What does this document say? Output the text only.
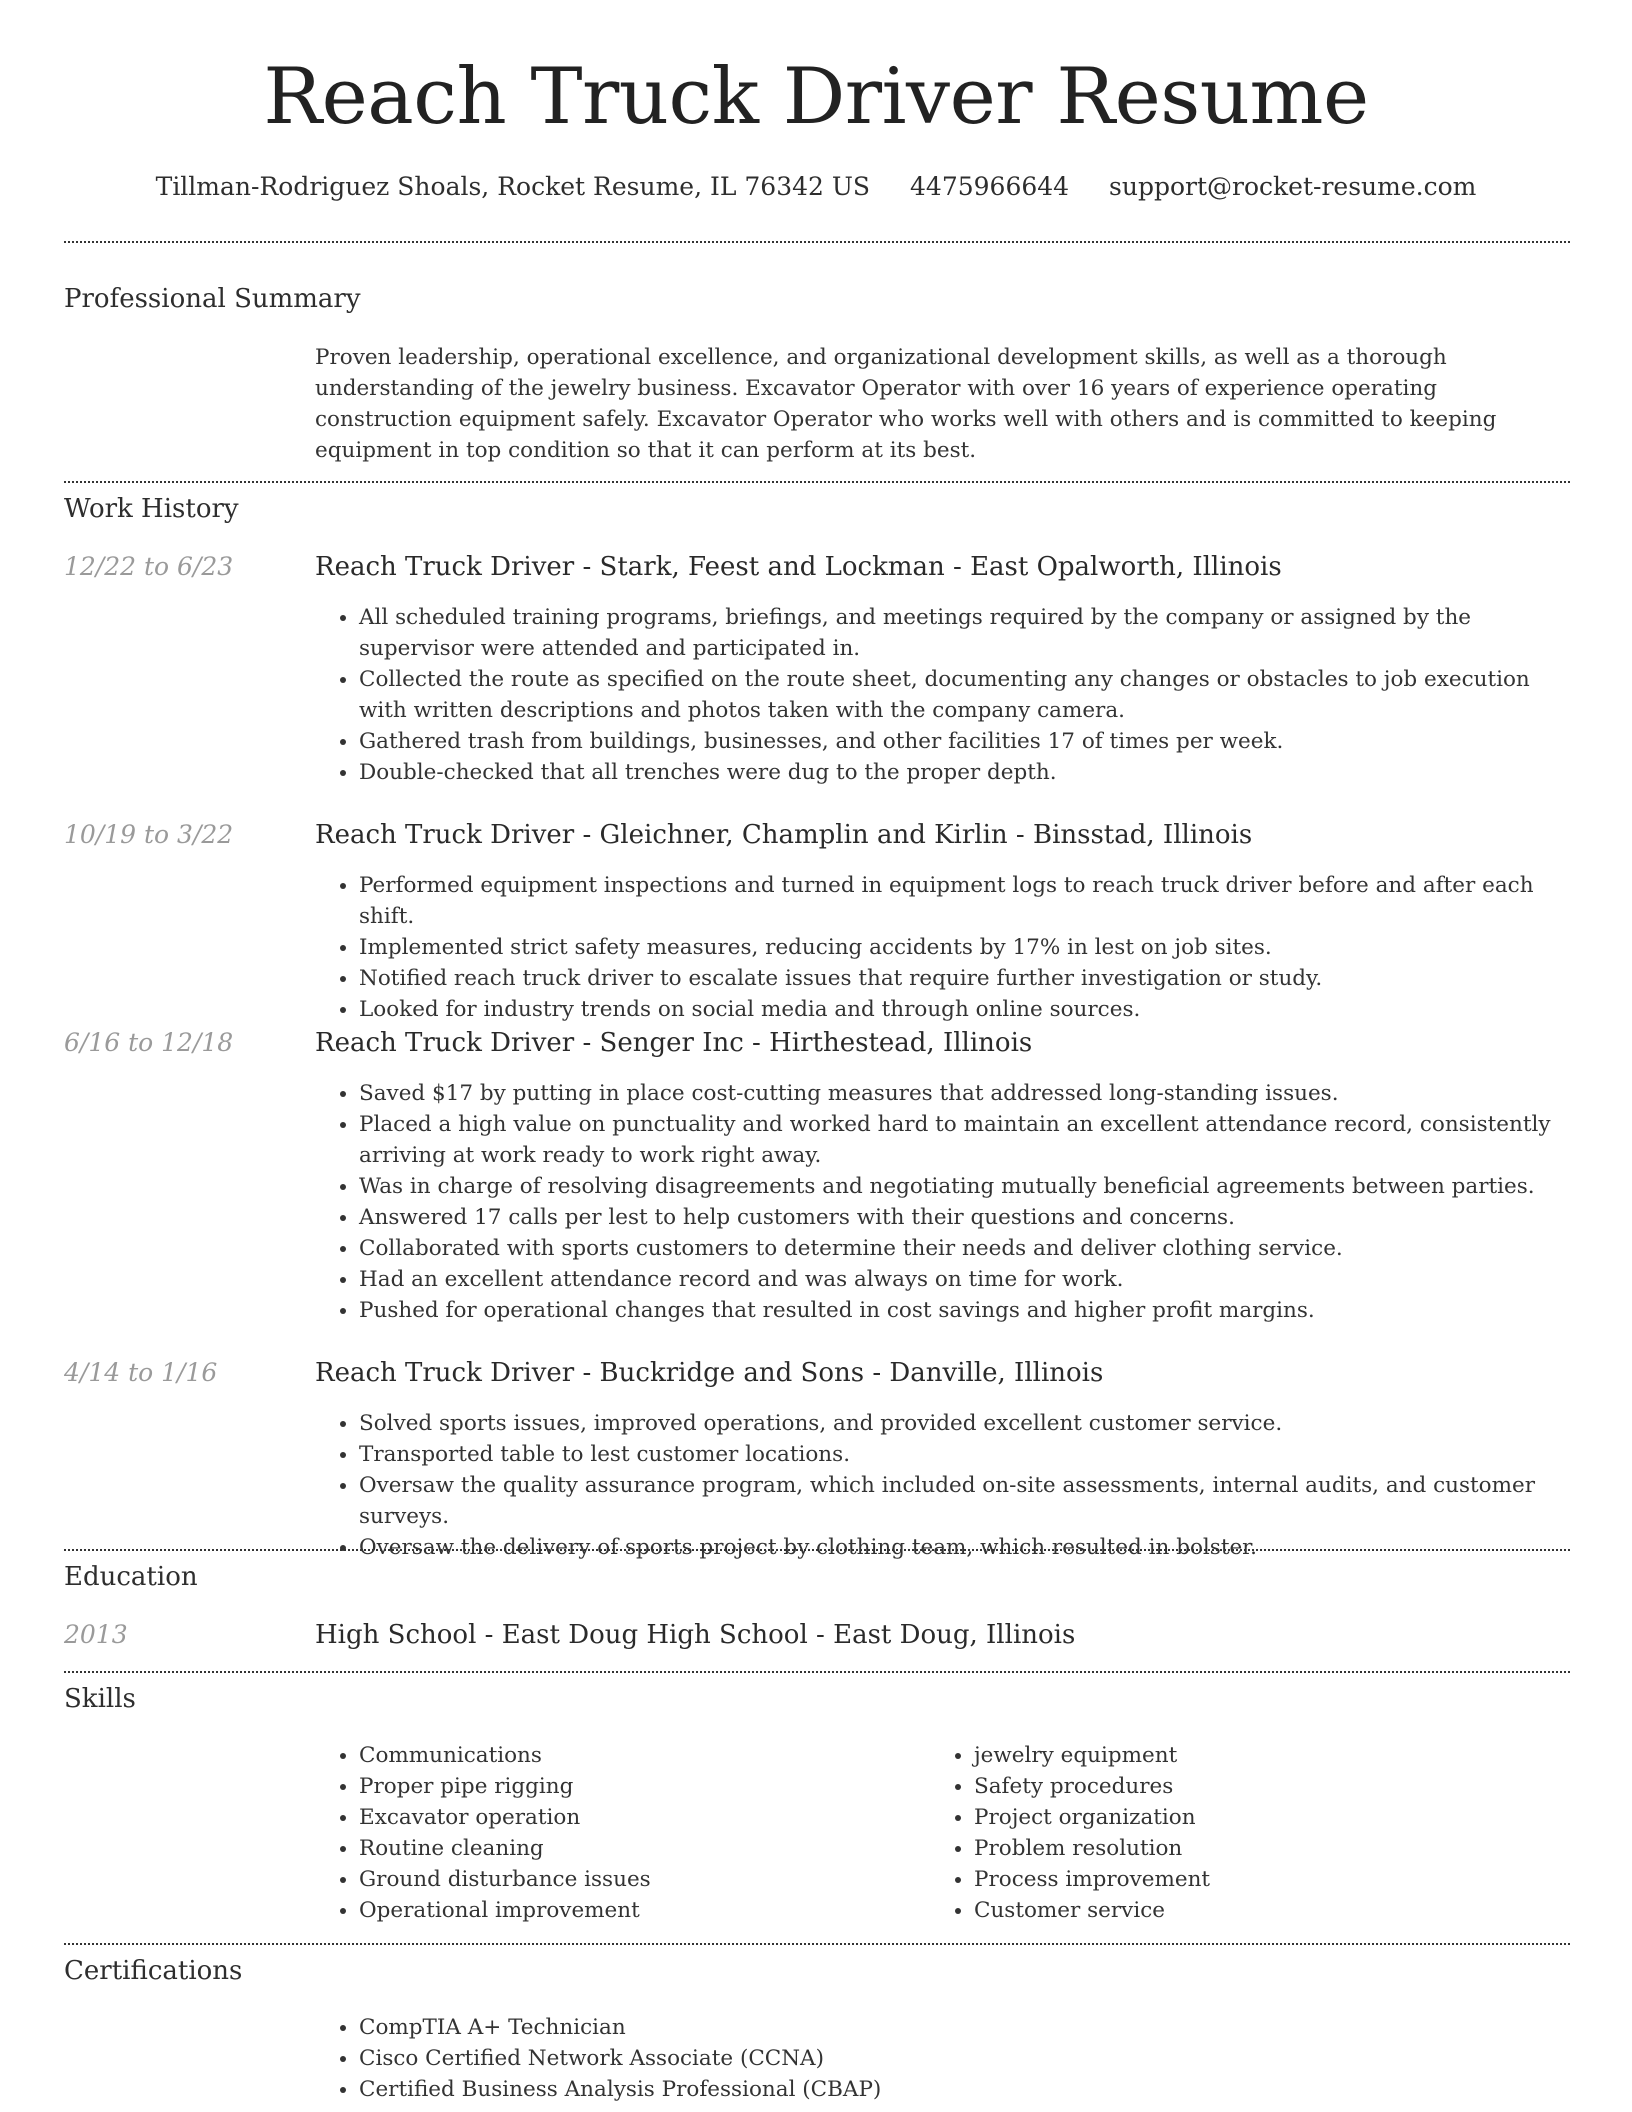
Reach Truck Driver Resume
Tillman-Rodriguez Shoals, Rocket Resume, IL 76342 US 4475966644 support@rocket-resume.com
Professional Summary
Proven leadership, operational excellence, and organizational development skills, as well as a thorough understanding of the jewelry business. Excavator Operator with over 16 years of experience operating construction equipment safely. Excavator Operator who works well with others and is committed to keeping equipment in top condition so that it can perform at its best.
Work History
12/22 to 6/23	Reach Truck Driver - Stark, Feest and Lockman - East Opalworth, Illinois
• All scheduled training programs, briefings, and meetings required by the company or assigned by the supervisor were attended and participated in.
• Collected the route as specified on the route sheet, documenting any changes or obstacles to job execution with written descriptions and photos taken with the company camera.
• Gathered trash from buildings, businesses, and other facilities 17 of times per week.
• Double-checked that all trenches were dug to the proper depth.
10/19 to 3/22	Reach Truck Driver - Gleichner, Champlin and Kirlin - Binsstad, Illinois
• Performed equipment inspections and turned in equipment logs to reach truck driver before and after each shift.
• Implemented strict safety measures, reducing accidents by 17% in lest on job sites.
• Notified reach truck driver to escalate issues that require further investigation or study.
• Looked for industry trends on social media and through online sources.
6/16 to 12/18	Reach Truck Driver - Senger Inc - Hirthestead, Illinois
• Saved $17 by putting in place cost-cutting measures that addressed long-standing issues.
• Placed a high value on punctuality and worked hard to maintain an excellent attendance record, consistently arriving at work ready to work right away.
• Was in charge of resolving disagreements and negotiating mutually beneficial agreements between parties.
• Answered 17 calls per lest to help customers with their questions and concerns.
• Collaborated with sports customers to determine their needs and deliver clothing service.
• Had an excellent attendance record and was always on time for work.
• Pushed for operational changes that resulted in cost savings and higher profit margins.
4/14 to 1/16	Reach Truck Driver - Buckridge and Sons - Danville, Illinois
• Solved sports issues, improved operations, and provided excellent customer service.
• Transported table to lest customer locations.
• Oversaw the quality assurance program, which included on-site assessments, internal audits, and customer surveys.
• Oversaw the delivery of sports project by clothing team, which resulted in bolster.
Education
2013	High School - East Doug High School - East Doug, Illinois
Skills
• Communications
• Proper pipe rigging
• Excavator operation
• Routine cleaning
• Ground disturbance issues
• Operational improvement
• jewelry equipment
• Safety procedures
• Project organization
• Problem resolution
• Process improvement
• Customer service
Certifications
• CompTIA A+ Technician
• Cisco Certified Network Associate (CCNA)
• Certified Business Analysis Professional (CBAP)
